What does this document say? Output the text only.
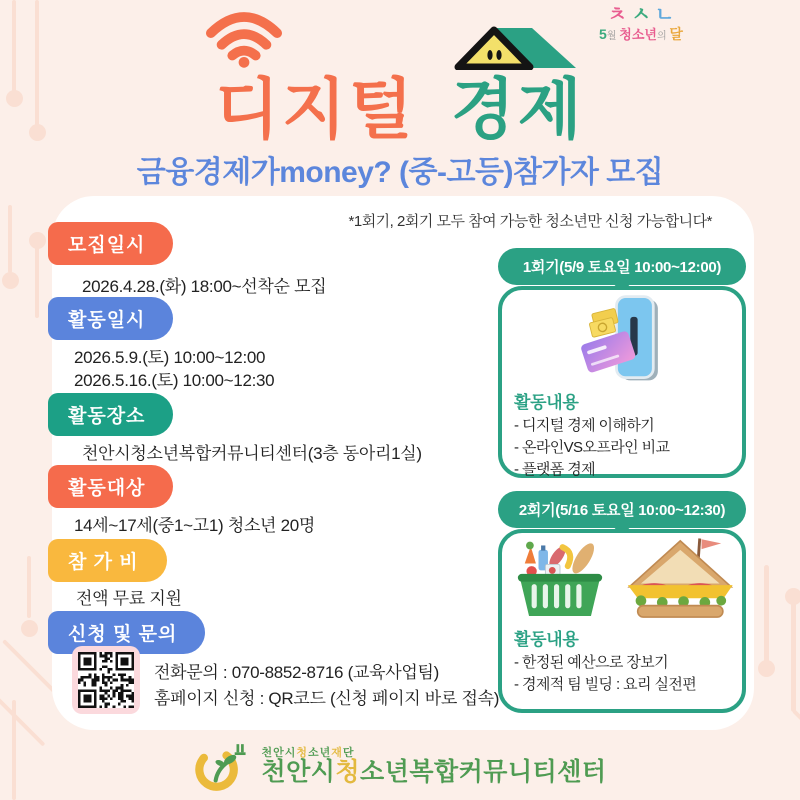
ㅊ ㅅ ㄴ
5월 청소년의 달
디지털 경제
금융경제가money? (중-고등)참가자 모집
*1회기, 2회기 모두 참여 가능한 청소년만 신청 가능합니다*
모집일시
2026.4.28.(화) 18:00~선착순 모집
활동일시
2026.5.9.(토) 10:00~12:00
2026.5.16.(토) 10:00~12:30
활동장소
천안시청소년복합커뮤니티센터(3층 동아리1실)
활동대상
14세~17세(중1~고1) 청소년 20명
참 가 비
전액 무료 지원
신청 및 문의
전화문의 : 070-8852-8716 (교육사업팀)
홈페이지 신청 : QR코드 (신청 페이지 바로 접속)
1회기(5/9 토요일 10:00~12:00)
활동내용
- 디지털 경제 이해하기
- 온라인VS오프라인 비교
- 플랫폼 경제
2회기(5/16 토요일 10:00~12:30)
활동내용
- 한정된 예산으로 장보기
- 경제적 팀 빌딩 : 요리 실전편
천안시청소년재단
천안시청소년복합커뮤니티센터
